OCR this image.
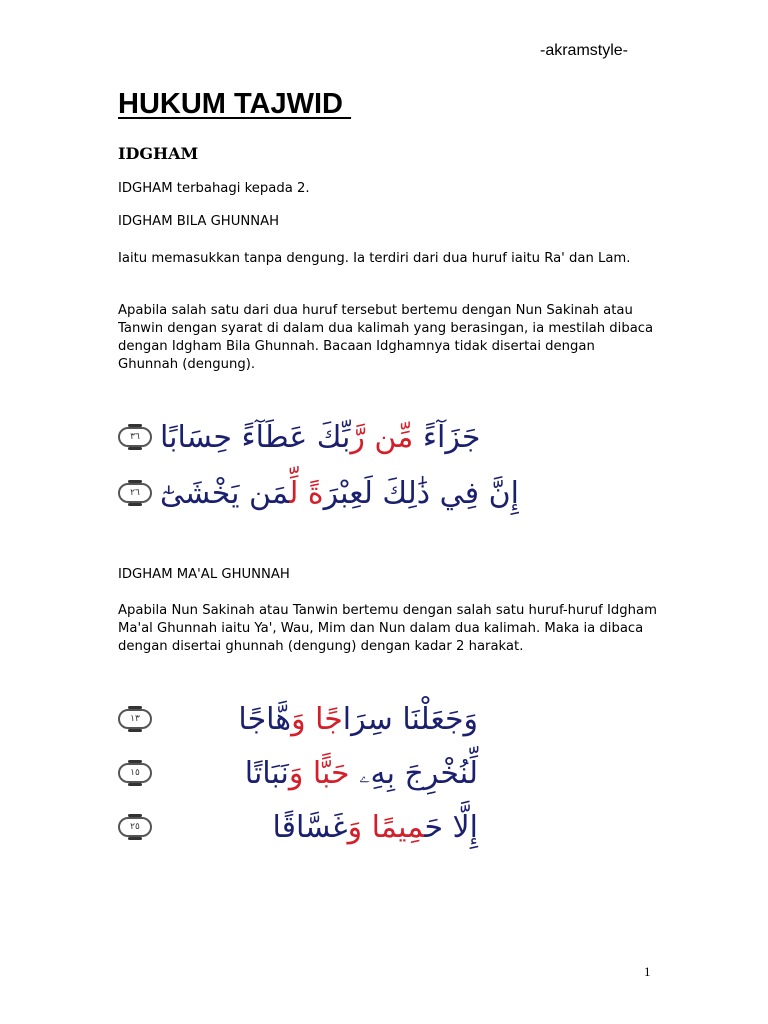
-akramstyle-
HUKUM TAJWID
IDGHAM
IDGHAM terbahagi kepada 2.
IDGHAM BILA GHUNNAH
Iaitu memasukkan tanpa dengung. Ia terdiri dari dua huruf iaitu Ra' dan Lam.
Apabila salah satu dari dua huruf tersebut bertemu dengan Nun Sakinah atau Tanwin dengan syarat di dalam dua kalimah yang berasingan, ia mestilah dibaca dengan Idgham Bila Ghunnah. Bacaan Idghamnya tidak disertai dengan Ghunnah (dengung).
٣٦	جَزَآءً مِّن رَّبِّكَ عَطَآءً حِسَابًا
٢٦	إِنَّ فِي ذَٰلِكَ لَعِبْرَةً لِّمَن يَخْشَىٰٓ
IDGHAM MA'AL GHUNNAH
Apabila Nun Sakinah atau Tanwin bertemu dengan salah satu huruf-huruf Idgham Ma'al Ghunnah iaitu Ya', Wau, Mim dan Nun dalam dua kalimah. Maka ia dibaca dengan disertai ghunnah (dengung) dengan kadar 2 harakat.
١٣	وَجَعَلْنَا سِرَاجًا وَهَّاجًا
١٥	لِّنُخْرِجَ بِهِۦ حَبًّا وَنَبَاتًا
٢٥	إِلَّا حَمِيمًا وَغَسَّاقًا
1
